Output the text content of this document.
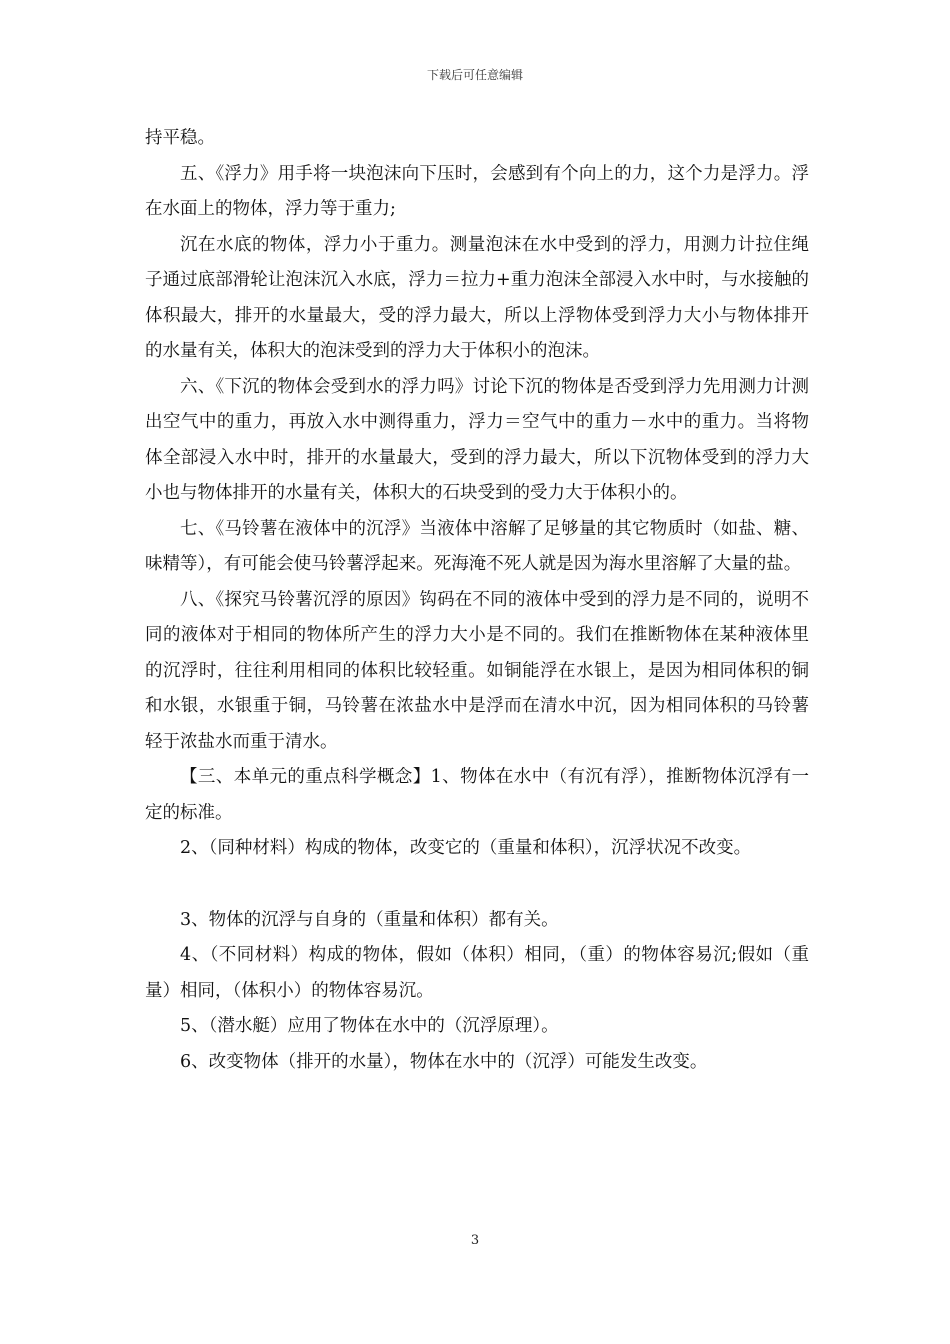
下载后可任意编辑

持平稳。

五、《浮力》用手将一块泡沫向下压时，会感到有个向上的力，这个力是浮力。浮在水面上的物体，浮力等于重力;

沉在水底的物体，浮力小于重力。测量泡沫在水中受到的浮力，用测力计拉住绳子通过底部滑轮让泡沫沉入水底，浮力＝拉力+重力泡沫全部浸入水中时，与水接触的体积最大，排开的水量最大，受的浮力最大，所以上浮物体受到浮力大小与物体排开的水量有关，体积大的泡沫受到的浮力大于体积小的泡沫。

六、《下沉的物体会受到水的浮力吗》讨论下沉的物体是否受到浮力先用测力计测出空气中的重力，再放入水中测得重力，浮力＝空气中的重力－水中的重力。当将物体全部浸入水中时，排开的水量最大，受到的浮力最大，所以下沉物体受到的浮力大小也与物体排开的水量有关，体积大的石块受到的受力大于体积小的。

七、《马铃薯在液体中的沉浮》当液体中溶解了足够量的其它物质时（如盐、糖、味精等），有可能会使马铃薯浮起来。死海淹不死人就是因为海水里溶解了大量的盐。

八、《探究马铃薯沉浮的原因》钩码在不同的液体中受到的浮力是不同的，说明不同的液体对于相同的物体所产生的浮力大小是不同的。我们在推断物体在某种液体里的沉浮时，往往利用相同的体积比较轻重。如铜能浮在水银上，是因为相同体积的铜和水银，水银重于铜，马铃薯在浓盐水中是浮而在清水中沉，因为相同体积的马铃薯轻于浓盐水而重于清水。

【三、本单元的重点科学概念】1、物体在水中（有沉有浮），推断物体沉浮有一定的标准。

2、（同种材料）构成的物体，改变它的（重量和体积），沉浮状况不改变。

3、物体的沉浮与自身的（重量和体积）都有关。

4、（不同材料）构成的物体，假如（体积）相同，（重）的物体容易沉;假如（重量）相同，（体积小）的物体容易沉。

5、（潜水艇）应用了物体在水中的（沉浮原理）。

6、改变物体（排开的水量），物体在水中的（沉浮）可能发生改变。

3
